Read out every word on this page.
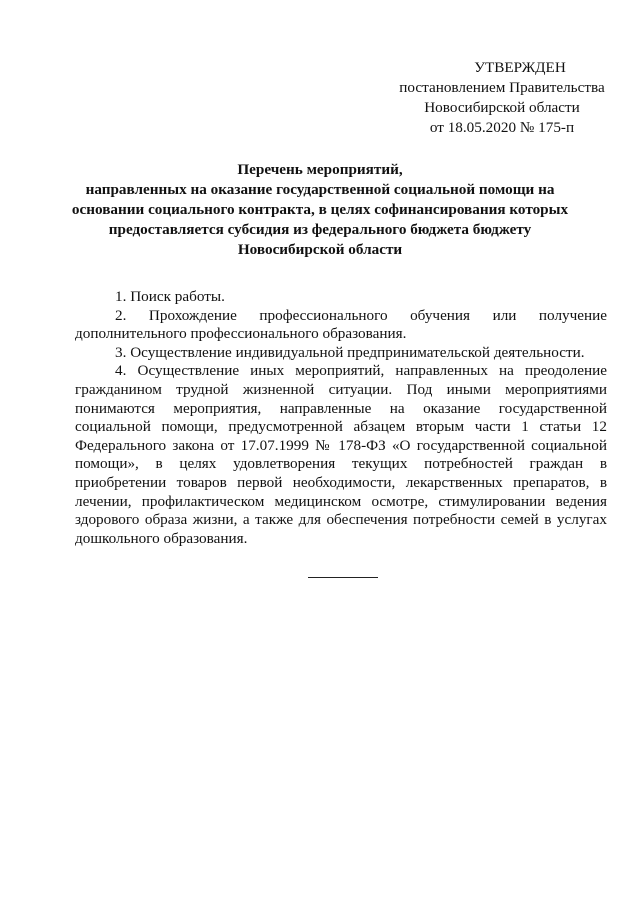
УТВЕРЖДЕН
постановлением Правительства
Новосибирской области
от 18.05.2020 № 175-п
Перечень мероприятий,
направленных на оказание государственной социальной помощи на
основании социального контракта, в целях софинансирования которых
предоставляется субсидия из федерального бюджета бюджету
Новосибирской области

1. Поиск работы.

2. Прохождение профессионального обучения или получение дополнительного профессионального образования.

3. Осуществление индивидуальной предпринимательской деятельности.

4. Осуществление иных мероприятий, направленных на преодоление гражданином трудной жизненной ситуации. Под иными мероприятиями понимаются мероприятия, направленные на оказание государственной социальной помощи, предусмотренной абзацем вторым части 1 статьи 12 Федерального закона от 17.07.1999 № 178-ФЗ «О государственной социальной помощи», в целях удовлетворения текущих потребностей граждан в приобретении товаров первой необходимости, лекарственных препаратов, в лечении, профилактическом медицинском осмотре, стимулировании ведения здорового образа жизни, а также для обеспечения потребности семей в услугах дошкольного образования.
